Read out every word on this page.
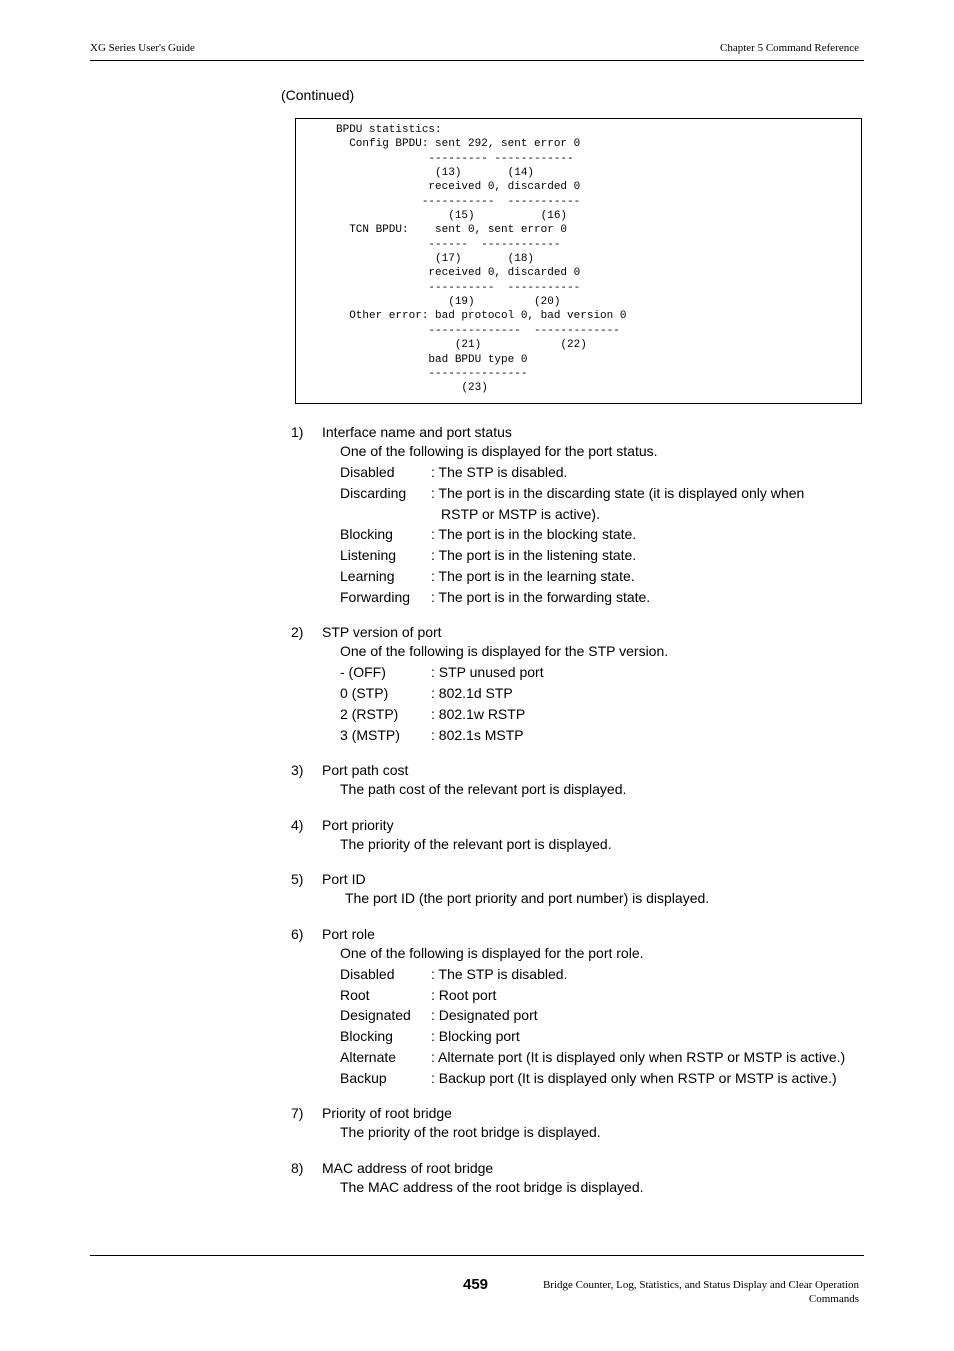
XG Series User's Guide	Chapter 5 Command Reference
(Continued)
BPDU statistics:
Config BPDU: sent 292, sent error 0
--------- ------------
(13)       (14)
received 0, discarded 0
-----------  -----------
(15)          (16)
TCN BPDU:    sent 0, sent error 0
------  ------------
(17)       (18)
received 0, discarded 0
----------  -----------
(19)         (20)
Other error: bad protocol 0, bad version 0
--------------  -------------
(21)            (22)
bad BPDU type 0
---------------
(23)
1) Interface name and port status
One of the following is displayed for the port status.
Disabled	: The STP is disabled.
Discarding : The port is in the discarding state (it is displayed only when
RSTP or MSTP is active).
Blocking	: The port is in the blocking state.
Listening : The port is in the listening state.
Learning	: The port is in the learning state.
Forwarding : The port is in the forwarding state.
2) STP version of port
One of the following is displayed for the STP version.
- (OFF)	: STP unused port
0 (STP)	: 802.1d STP
2 (RSTP) : 802.1w RSTP
3 (MSTP) : 802.1s MSTP
3) Port path cost
The path cost of the relevant port is displayed.
4) Port priority
The priority of the relevant port is displayed.
5) Port ID
The port ID (the port priority and port number) is displayed.
6) Port role
One of the following is displayed for the port role.
Disabled	: The STP is disabled.
Root	: Root port
Designated : Designated port
Blocking	: Blocking port
Alternate : Alternate port (It is displayed only when RSTP or MSTP is active.)
Backup	: Backup port (It is displayed only when RSTP or MSTP is active.)
7) Priority of root bridge
The priority of the root bridge is displayed.
8) MAC address of root bridge
The MAC address of the root bridge is displayed.
459	Bridge Counter, Log, Statistics, and Status Display and Clear Operation
Commands
